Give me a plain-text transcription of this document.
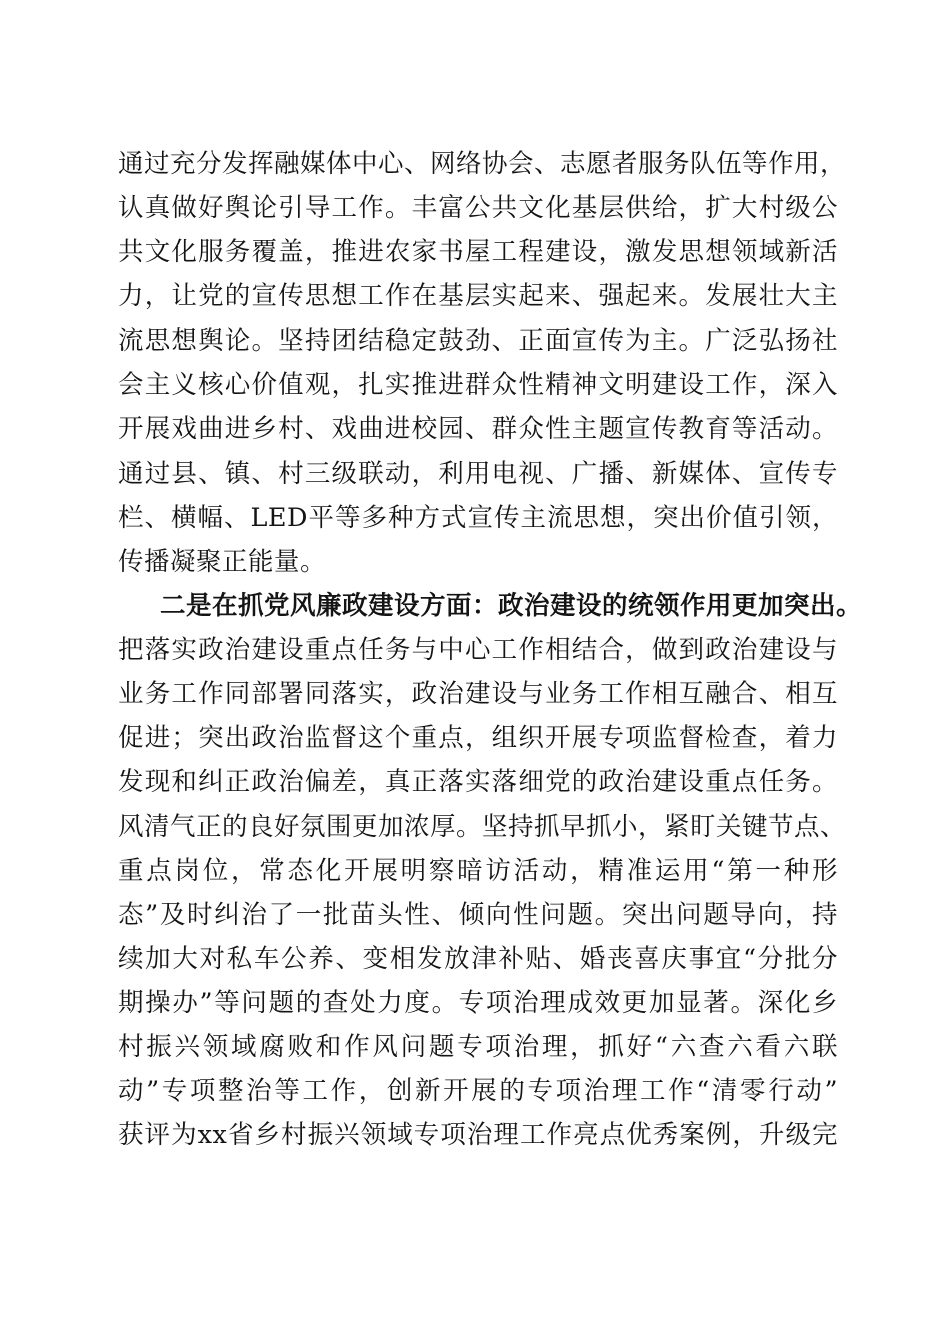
通过充分发挥融媒体中心、网络协会、志愿者服务队伍等作用，
认真做好舆论引导工作。丰富公共文化基层供给，扩大村级公
共文化服务覆盖，推进农家书屋工程建设，激发思想领域新活
力，让党的宣传思想工作在基层实起来、强起来。发展壮大主
流思想舆论。坚持团结稳定鼓劲、正面宣传为主。广泛弘扬社
会主义核心价值观，扎实推进群众性精神文明建设工作，深入
开展戏曲进乡村、戏曲进校园、群众性主题宣传教育等活动。
通过县、镇、村三级联动，利用电视、广播、新媒体、宣传专
栏、横幅、LED平等多种方式宣传主流思想，突出价值引领，
传播凝聚正能量。
二是在抓党风廉政建设方面：政治建设的统领作用更加突出。
把落实政治建设重点任务与中心工作相结合，做到政治建设与
业务工作同部署同落实，政治建设与业务工作相互融合、相互
促进；突出政治监督这个重点，组织开展专项监督检查，着力
发现和纠正政治偏差，真正落实落细党的政治建设重点任务。
风清气正的良好氛围更加浓厚。坚持抓早抓小，紧盯关键节点、
重点岗位，常态化开展明察暗访活动，精准运用“第一种形
态”及时纠治了一批苗头性、倾向性问题。突出问题导向，持
续加大对私车公养、变相发放津补贴、婚丧喜庆事宜“分批分
期操办”等问题的查处力度。专项治理成效更加显著。深化乡
村振兴领域腐败和作风问题专项治理，抓好“六查六看六联
动”专项整治等工作，创新开展的专项治理工作“清零行动”
获评为xx省乡村振兴领域专项治理工作亮点优秀案例，升级完
